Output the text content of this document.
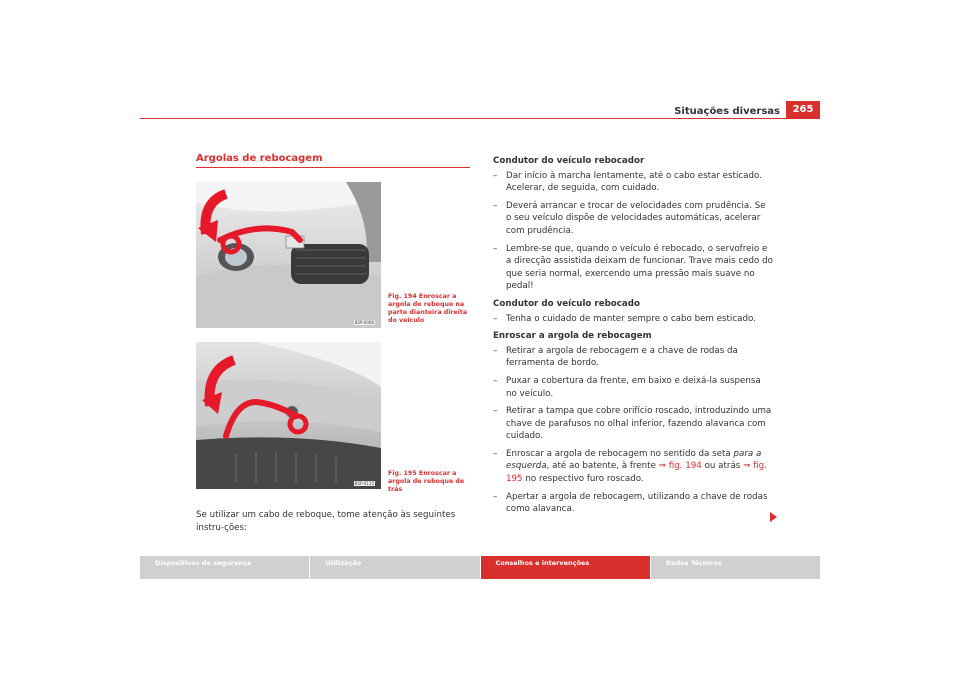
Situações diversas	265
Argolas de rebocagem
B5P-0006
Fig. 194 Enroscar a argola de reboque na parte dianteira direita do veículo
B5P-0115
Fig. 195 Enroscar a argola de reboque de trás
Se utilizar um cabo de reboque, tome atenção às seguintes instru-ções:
Condutor do veículo rebocador
– Dar início à marcha lentamente, até o cabo estar esticado. Acelerar, de seguida, com cuidado.
– Deverá arrancar e trocar de velocidades com prudência. Se o seu veículo dispõe de velocidades automáticas, acelerar com prudência.
– Lembre-se que, quando o veículo é rebocado, o servofreio e a direcção assistida deixam de funcionar. Trave mais cedo do que seria normal, exercendo uma pressão mais suave no pedal!
Condutor do veículo rebocado
– Tenha o cuidado de manter sempre o cabo bem esticado.
Enroscar a argola de rebocagem
– Retirar a argola de rebocagem e a chave de rodas da ferramenta de bordo.
– Puxar a cobertura da frente, em baixo e deixá-la suspensa no veículo.
– Retirar a tampa que cobre orifício roscado, introduzindo uma chave de parafusos no olhal inferior, fazendo alavanca com cuidado.
– Enroscar a argola de rebocagem no sentido da seta para a esquerda, até ao batente, à frente ⇒ fig. 194 ou atrás ⇒ fig. 195 no respectivo furo roscado.
– Apertar a argola de rebocagem, utilizando a chave de rodas como alavanca.
Dispositivos de segurança	Utilização	Conselhos e intervenções	Dados Técnicos
